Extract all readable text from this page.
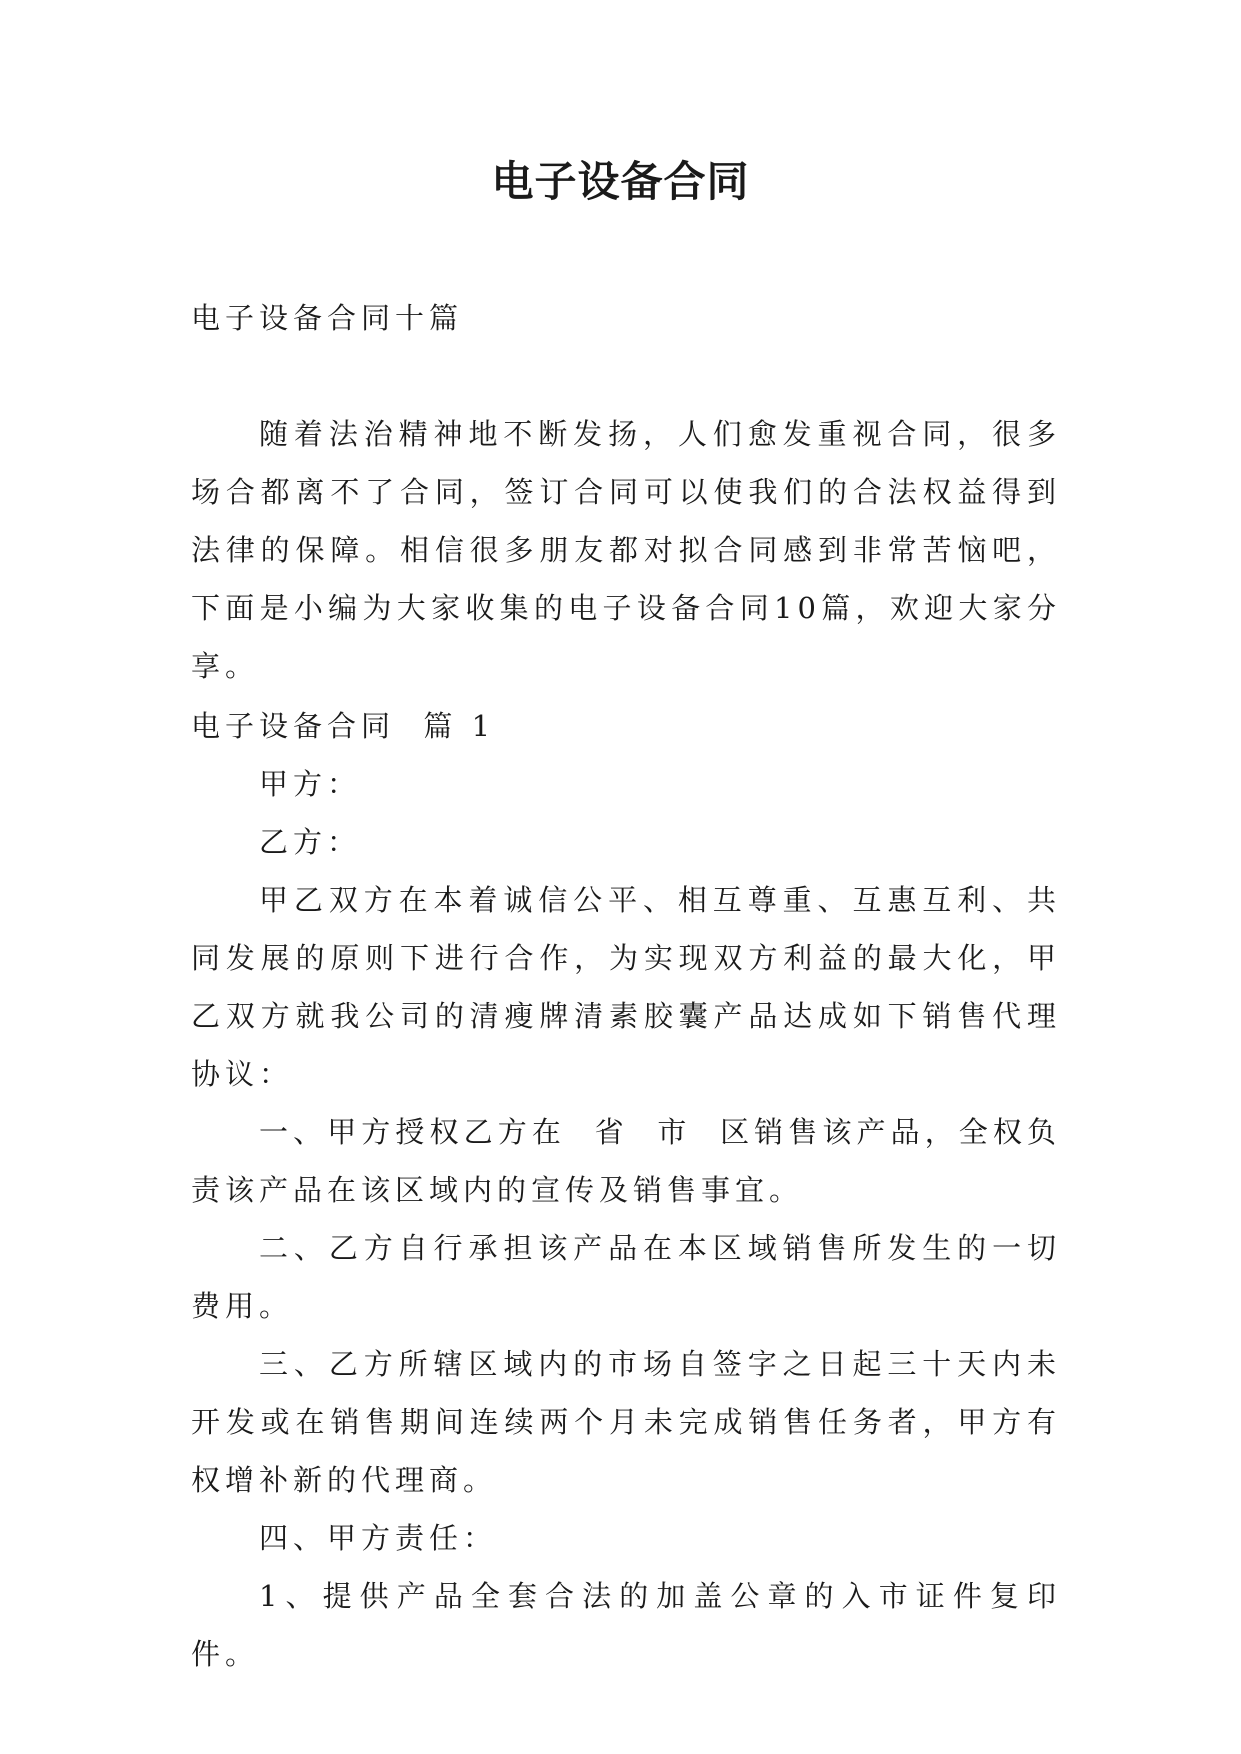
电子设备合同

电子设备合同十篇

随着法治精神地不断发扬，人们愈发重视合同，很多场合都离不了合同，签订合同可以使我们的合法权益得到法律的保障。相信很多朋友都对拟合同感到非常苦恼吧，下面是小编为大家收集的电子设备合同10篇，欢迎大家分享。

电子设备合同  篇 1

甲方：

乙方：

甲乙双方在本着诚信公平、相互尊重、互惠互利、共同发展的原则下进行合作，为实现双方利益的最大化，甲乙双方就我公司的清瘦牌清素胶囊产品达成如下销售代理协议：

一、甲方授权乙方在  省  市  区销售该产品，全权负责该产品在该区域内的宣传及销售事宜。

二、乙方自行承担该产品在本区域销售所发生的一切费用。

三、乙方所辖区域内的市场自签字之日起三十天内未开发或在销售期间连续两个月未完成销售任务者，甲方有权增补新的代理商。

四、甲方责任：

1、提供产品全套合法的加盖公章的入市证件复印件。
